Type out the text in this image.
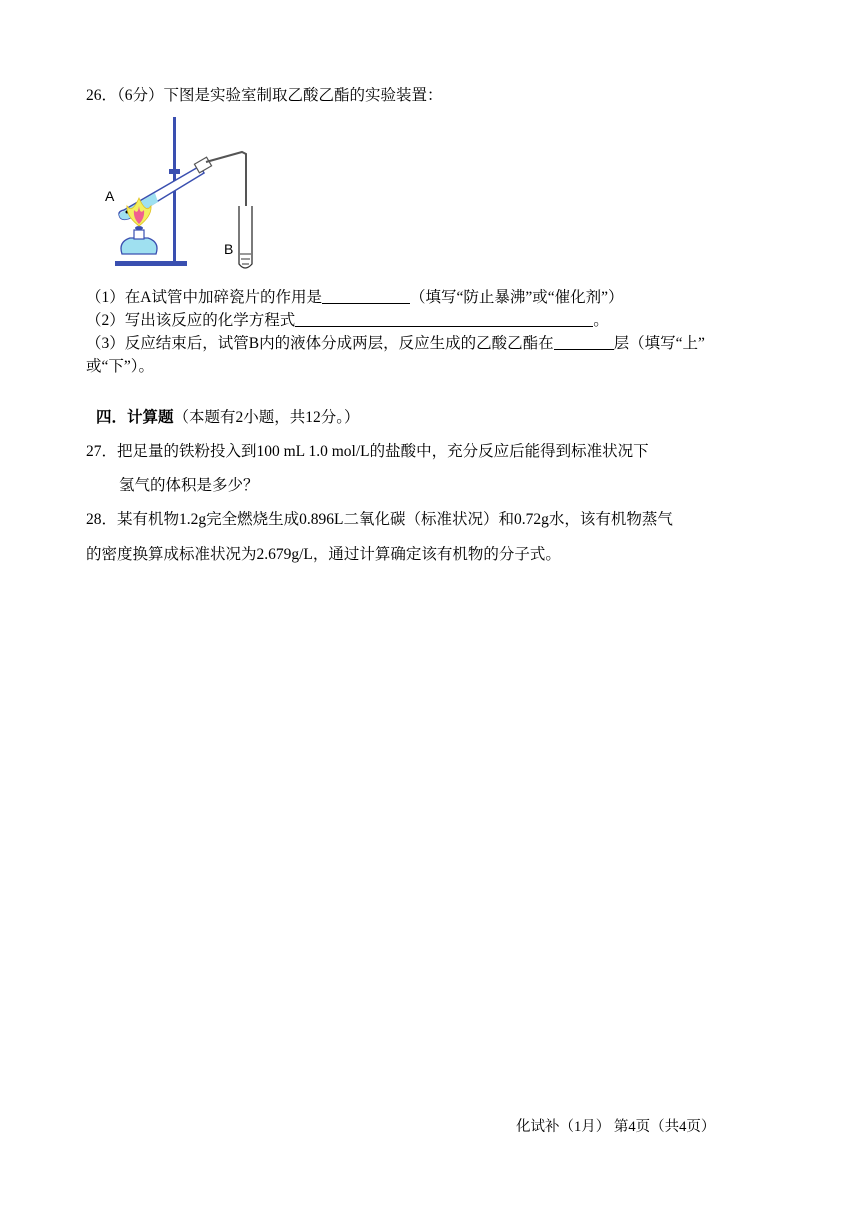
26．（6分）下图是实验室制取乙酸乙酯的实验装置：
A
B
（1）在A试管中加碎瓷片的作用是	（填写“防止暴沸”或“催化剂”）
（2）写出该反应的化学方程式	。
（3）反应结束后，试管B内的液体分成两层，反应生成的乙酸乙酯在	层（填写“上”
或“下”）。
四．计算题（本题有2小题，共12分。）
27．把足量的铁粉投入到100 mL 1.0 mol/L的盐酸中，充分反应后能得到标准状况下
氢气的体积是多少？
28．某有机物1.2g完全燃烧生成0.896L二氧化碳（标准状况）和0.72g水，该有机物蒸气
的密度换算成标准状况为2.679g/L，通过计算确定该有机物的分子式。
化试补（1月） 第4页（共4页）
